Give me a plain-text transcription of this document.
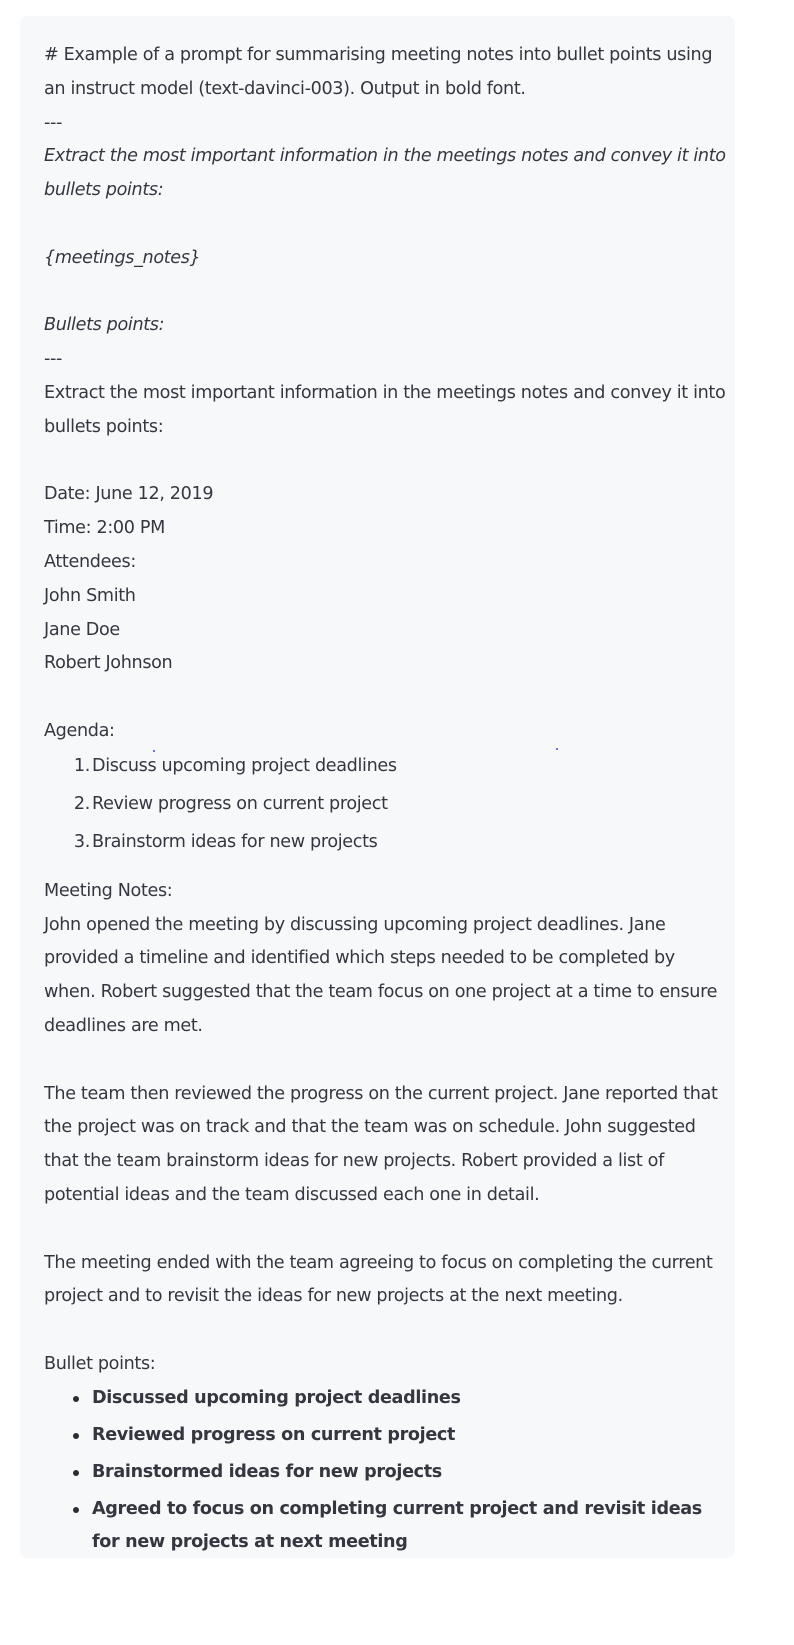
# Example of a prompt for summarising meeting notes into bullet points using
an instruct model (text-davinci-003). Output in bold font.
---
Extract the most important information in the meetings notes and convey it into
bullets points:
{meetings_notes}
Bullets points:
---
Extract the most important information in the meetings notes and convey it into
bullets points:
Date: June 12, 2019
Time: 2:00 PM
Attendees:
John Smith
Jane Doe
Robert Johnson
Agenda:
1. Discuss upcoming project deadlines
2. Review progress on current project
3. Brainstorm ideas for new projects
Meeting Notes:
John opened the meeting by discussing upcoming project deadlines. Jane
provided a timeline and identified which steps needed to be completed by
when. Robert suggested that the team focus on one project at a time to ensure
deadlines are met.
The team then reviewed the progress on the current project. Jane reported that
the project was on track and that the team was on schedule. John suggested
that the team brainstorm ideas for new projects. Robert provided a list of
potential ideas and the team discussed each one in detail.
The meeting ended with the team agreeing to focus on completing the current
project and to revisit the ideas for new projects at the next meeting.
Bullet points:
Discussed upcoming project deadlines
Reviewed progress on current project
Brainstormed ideas for new projects
Agreed to focus on completing current project and revisit ideas for new projects at next meeting
